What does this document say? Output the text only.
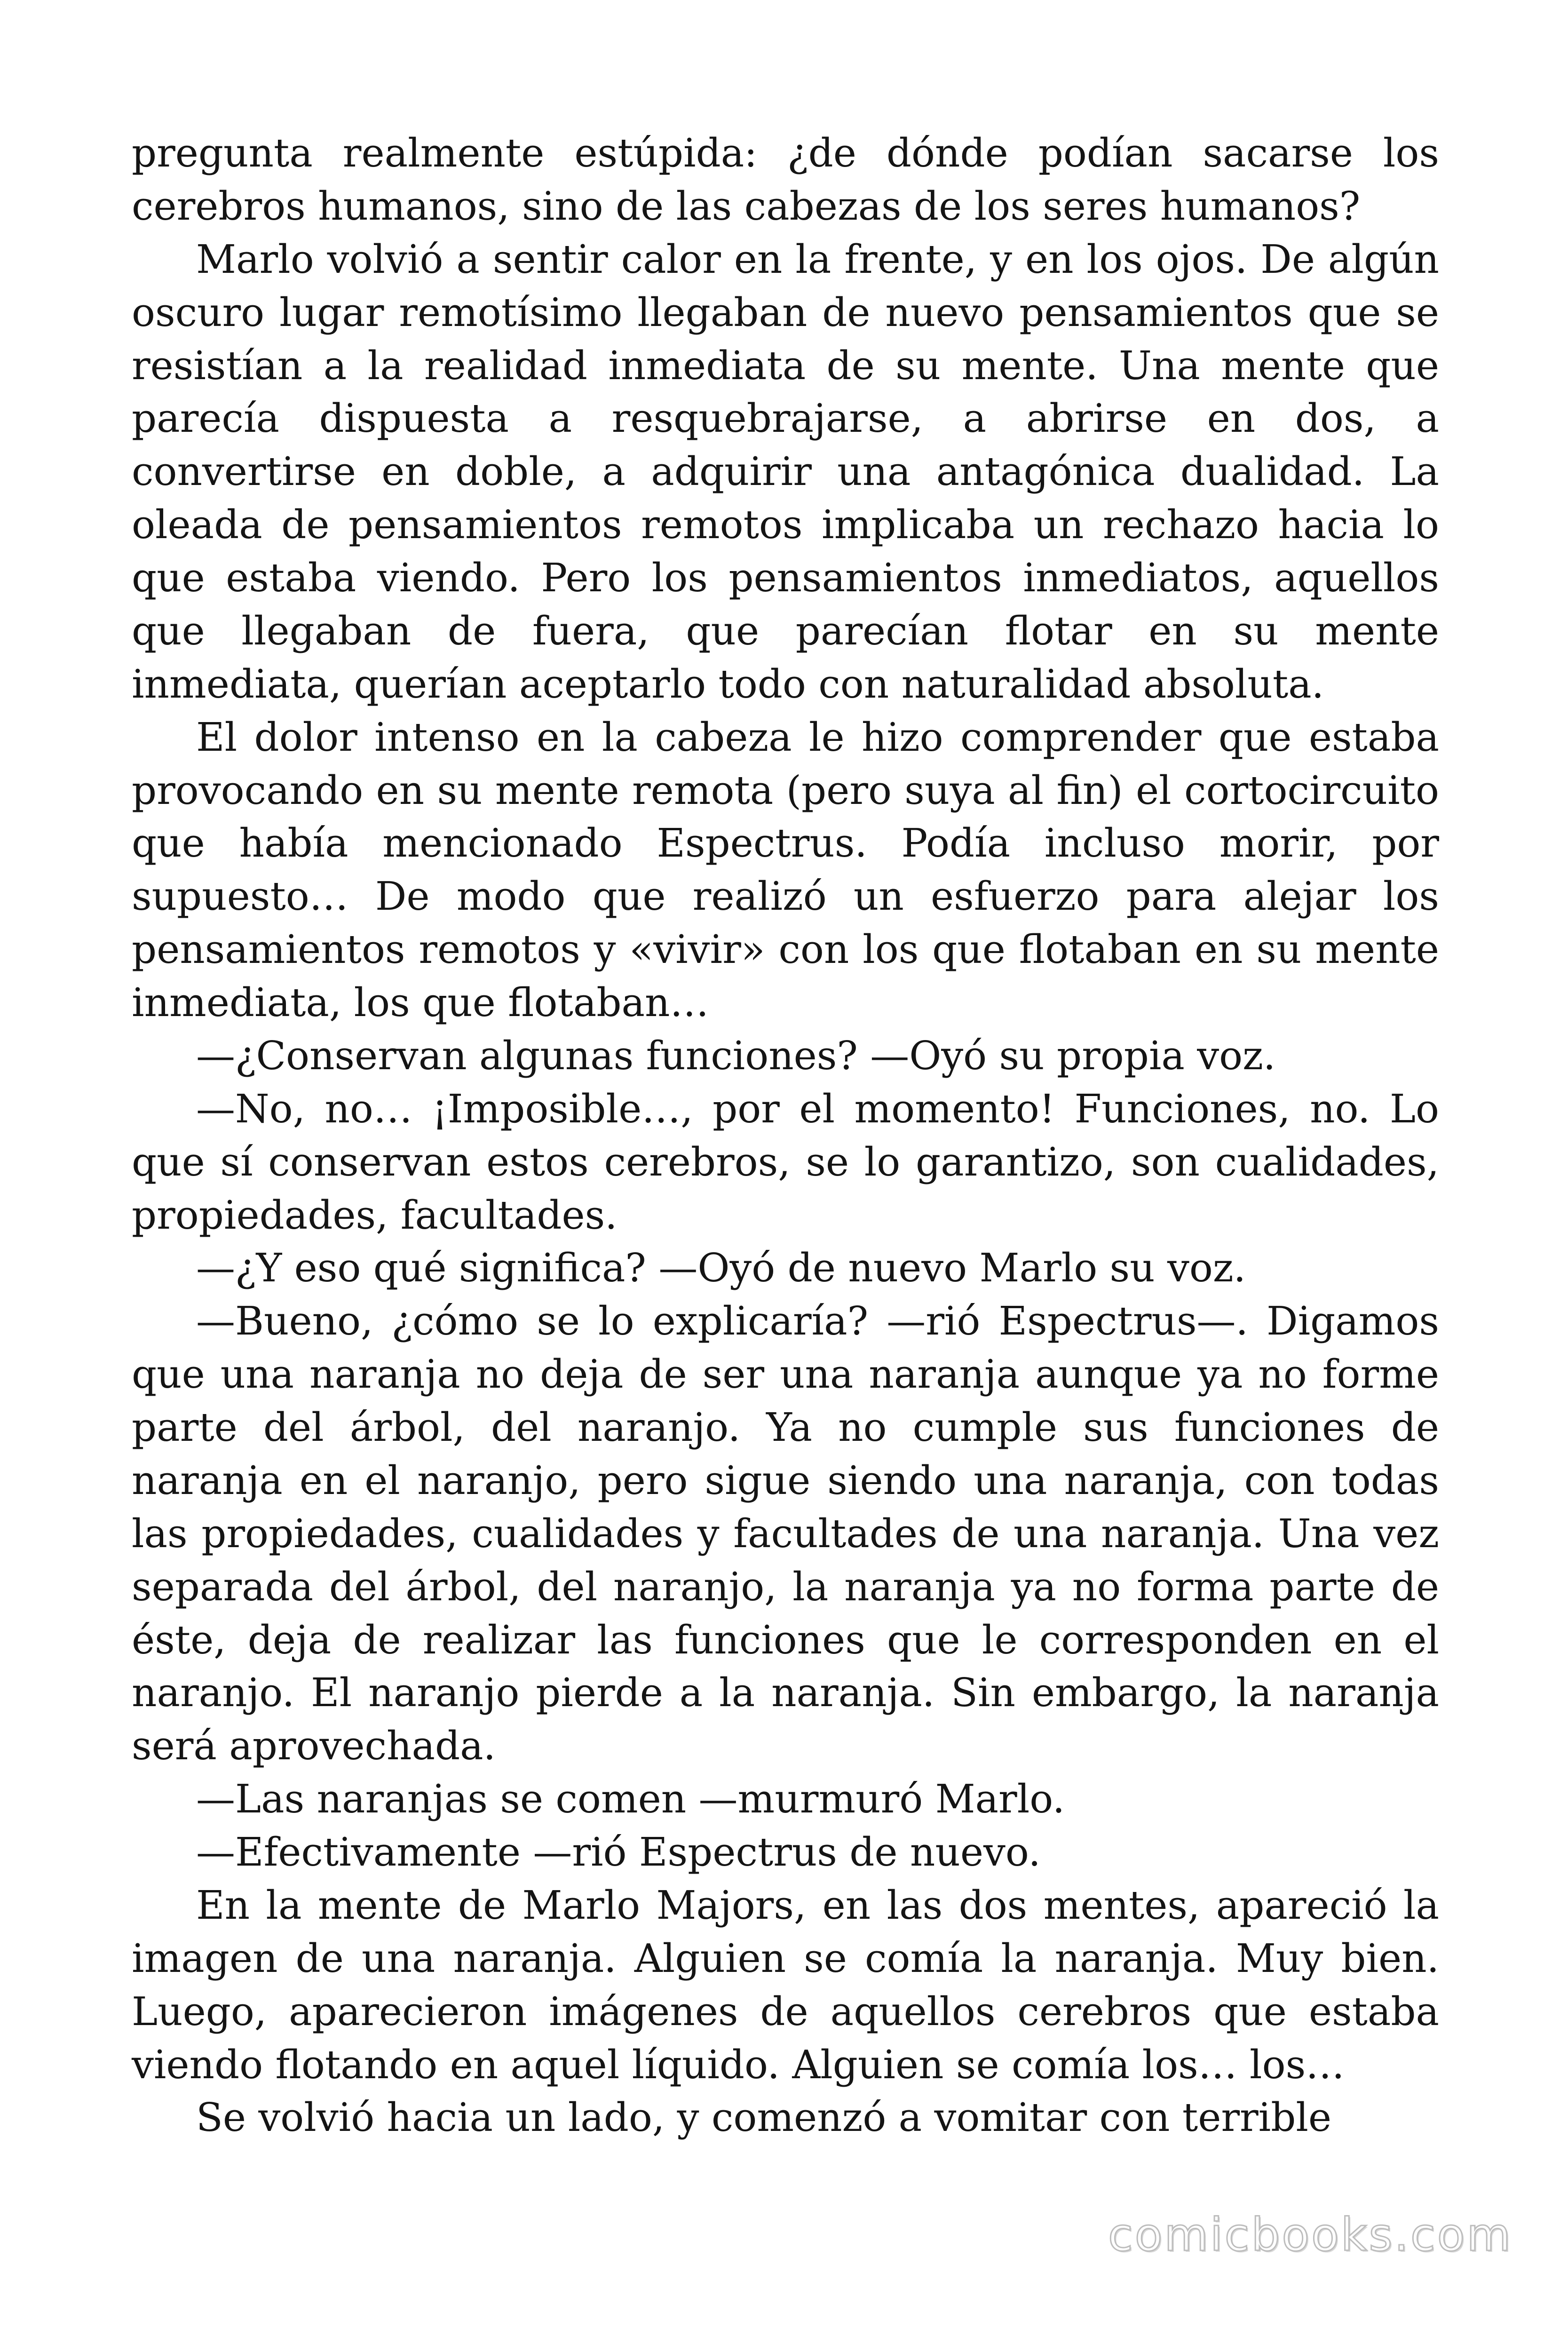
pregunta realmente estúpida: ¿de dónde podían sacarse los cerebros humanos, sino de las cabezas de los seres humanos?

Marlo volvió a sentir calor en la frente, y en los ojos. De algún oscuro lugar remotísimo llegaban de nuevo pensamientos que se resistían a la realidad inmediata de su mente. Una mente que parecía dispuesta a resquebrajarse, a abrirse en dos, a convertirse en doble, a adquirir una antagónica dualidad. La oleada de pensamientos remotos implicaba un rechazo hacia lo que estaba viendo. Pero los pensamientos inmediatos, aquellos que llegaban de fuera, que parecían flotar en su mente inmediata, querían aceptarlo todo con naturalidad absoluta.

El dolor intenso en la cabeza le hizo comprender que estaba provocando en su mente remota (pero suya al fin) el cortocircuito que había mencionado Espectrus. Podía incluso morir, por supuesto… De modo que realizó un esfuerzo para alejar los pensamientos remotos y «vivir» con los que flotaban en su mente inmediata, los que flotaban…

—¿Conservan algunas funciones? —Oyó su propia voz.

—No, no… ¡Imposible…, por el momento! Funciones, no. Lo que sí conservan estos cerebros, se lo garantizo, son cualidades, propiedades, facultades.

—¿Y eso qué significa? —Oyó de nuevo Marlo su voz.

—Bueno, ¿cómo se lo explicaría? —rió Espectrus—. Digamos que una naranja no deja de ser una naranja aunque ya no forme parte del árbol, del naranjo. Ya no cumple sus funciones de naranja en el naranjo, pero sigue siendo una naranja, con todas las propiedades, cualidades y facultades de una naranja. Una vez separada del árbol, del naranjo, la naranja ya no forma parte de éste, deja de realizar las funciones que le corresponden en el naranjo. El naranjo pierde a la naranja. Sin embargo, la naranja será aprovechada.

—Las naranjas se comen —murmuró Marlo.

—Efectivamente —rió Espectrus de nuevo.

En la mente de Marlo Majors, en las dos mentes, apareció la imagen de una naranja. Alguien se comía la naranja. Muy bien. Luego, aparecieron imágenes de aquellos cerebros que estaba viendo flotando en aquel líquido. Alguien se comía los… los…

Se volvió hacia un lado, y comenzó a vomitar con terrible

comicbooks.com
